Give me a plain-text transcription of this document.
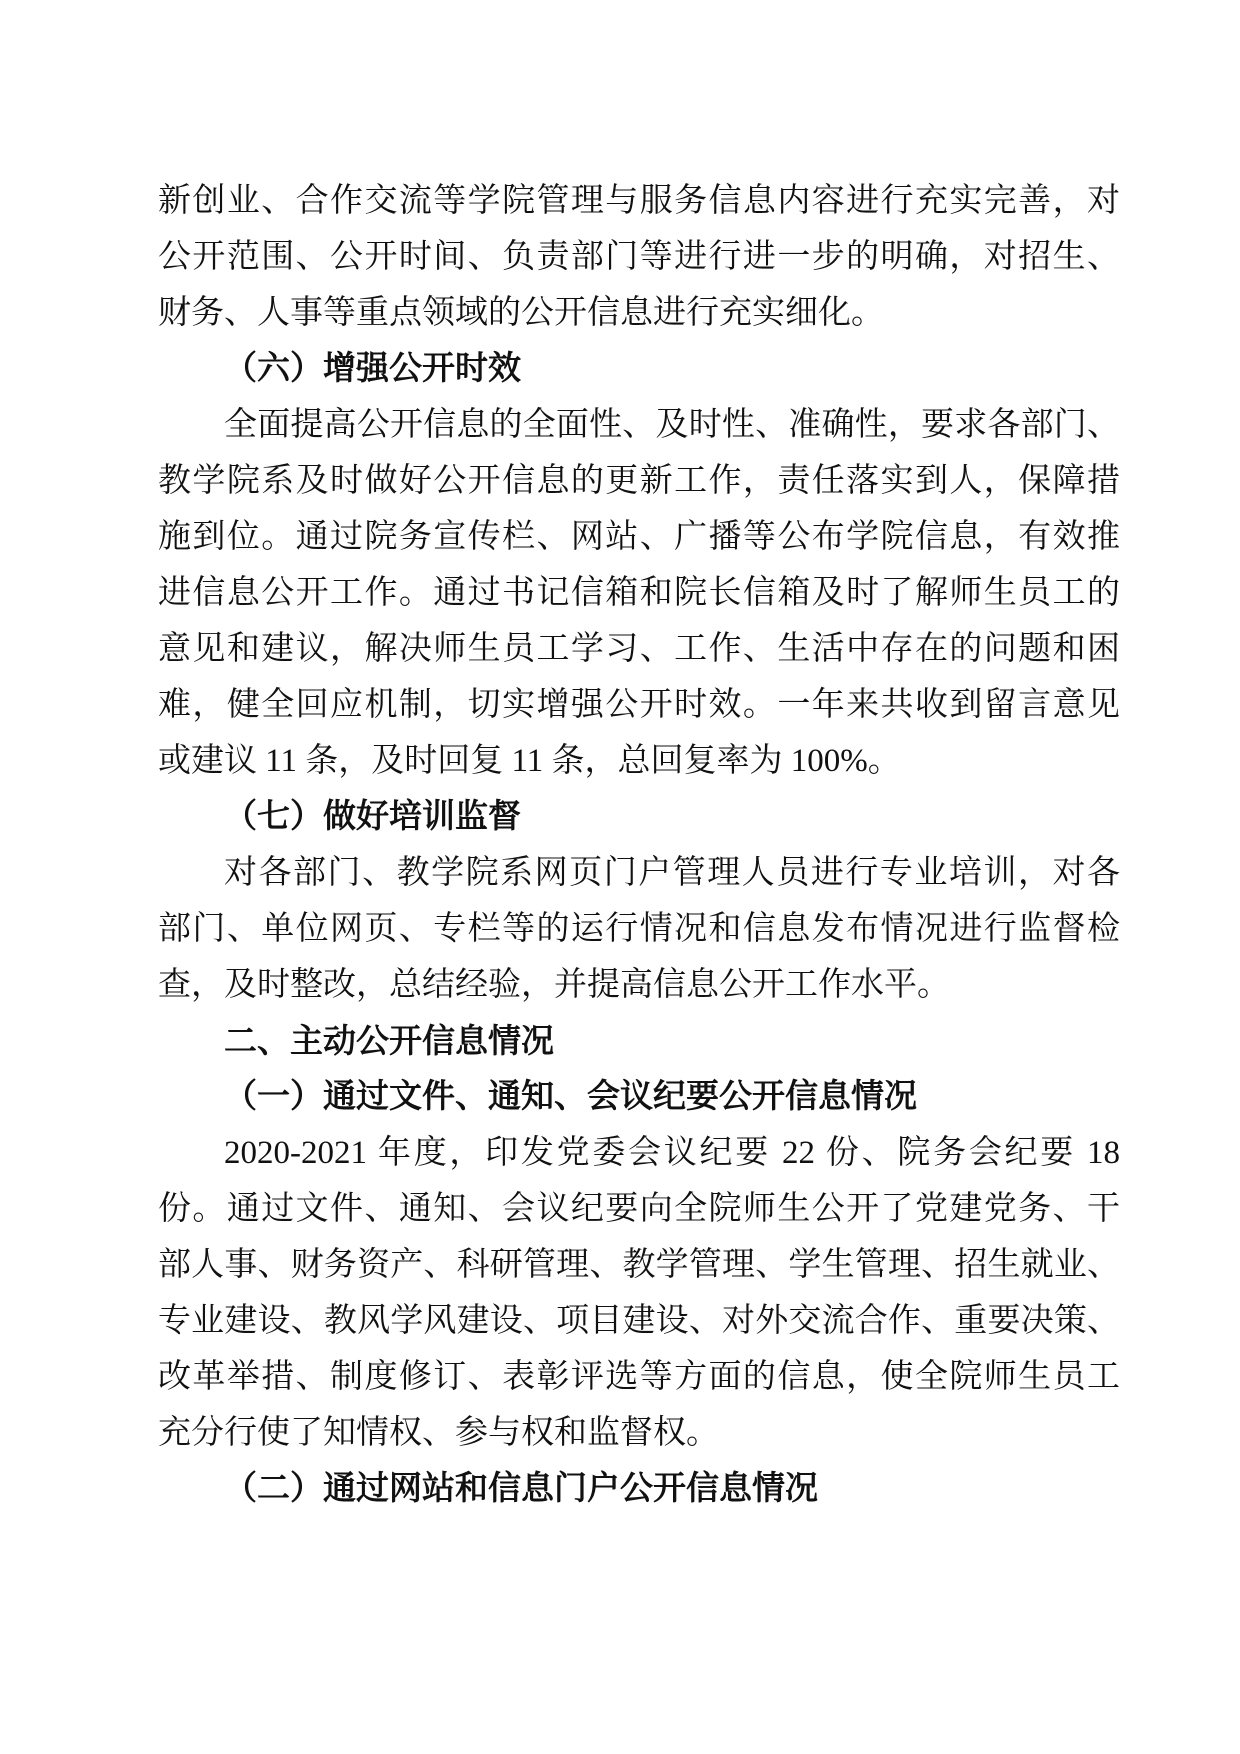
新创业、合作交流等学院管理与服务信息内容进行充实完善，对
公开范围、公开时间、负责部门等进行进一步的明确，对招生、
财务、人事等重点领域的公开信息进行充实细化。
（六）增强公开时效
全面提高公开信息的全面性、及时性、准确性，要求各部门、
教学院系及时做好公开信息的更新工作，责任落实到人，保障措
施到位。通过院务宣传栏、网站、广播等公布学院信息，有效推
进信息公开工作。通过书记信箱和院长信箱及时了解师生员工的
意见和建议，解决师生员工学习、工作、生活中存在的问题和困
难，健全回应机制，切实增强公开时效。一年来共收到留言意见
或建议 11 条，及时回复 11 条，总回复率为 100%。
（七）做好培训监督
对各部门、教学院系网页门户管理人员进行专业培训，对各
部门、单位网页、专栏等的运行情况和信息发布情况进行监督检
查，及时整改，总结经验，并提高信息公开工作水平。
二、主动公开信息情况
（一）通过文件、通知、会议纪要公开信息情况
2020-2021 年度，印发党委会议纪要 22 份、院务会纪要 18
份。通过文件、通知、会议纪要向全院师生公开了党建党务、干
部人事、财务资产、科研管理、教学管理、学生管理、招生就业、
专业建设、教风学风建设、项目建设、对外交流合作、重要决策、
改革举措、制度修订、表彰评选等方面的信息，使全院师生员工
充分行使了知情权、参与权和监督权。
（二）通过网站和信息门户公开信息情况
